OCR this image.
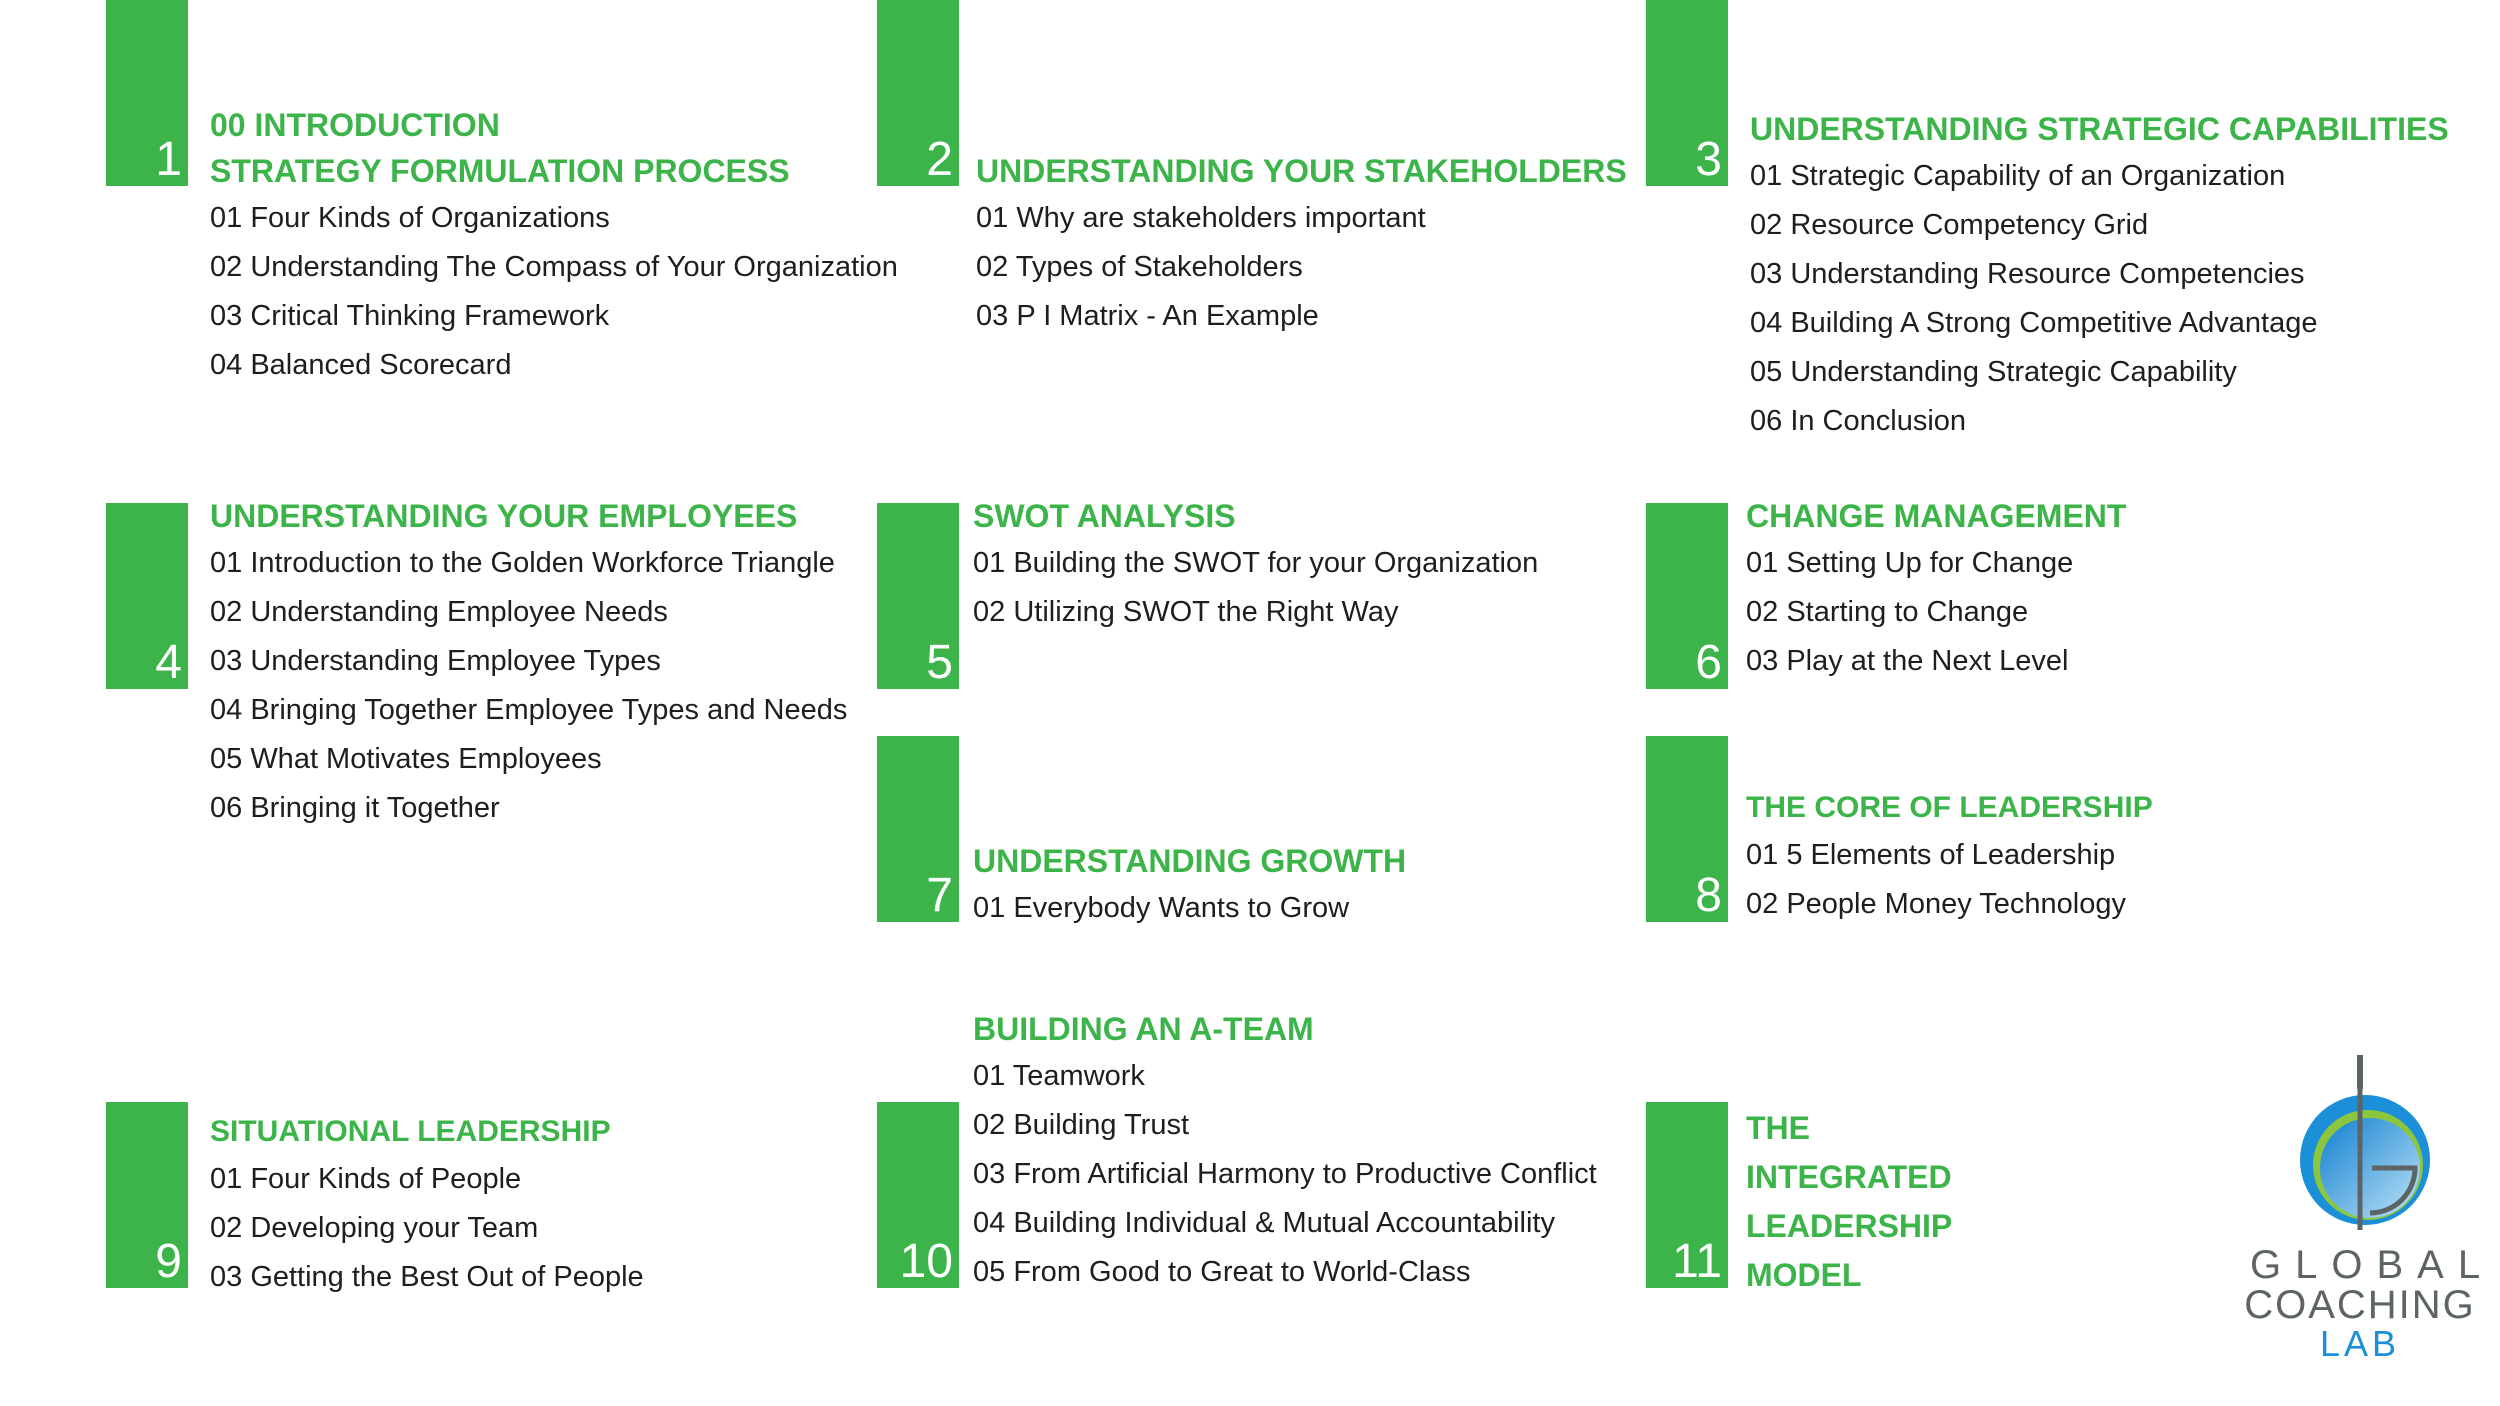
1

00 INTRODUCTION

STRATEGY FORMULATION PROCESS

01 Four Kinds of Organizations
02 Understanding The Compass of Your Organization
03 Critical Thinking Framework
04 Balanced Scorecard
2 UNDERSTANDING YOUR STAKEHOLDERS

01 Why are stakeholders important
02 Types of Stakeholders
03 P I Matrix - An Example
3

UNDERSTANDING STRATEGIC CAPABILITIES

01 Strategic Capability of an Organization
02 Resource Competency Grid
03 Understanding Resource Competencies
04 Building A Strong Competitive Advantage
05 Understanding Strategic Capability
06 In Conclusion
4

UNDERSTANDING YOUR EMPLOYEES

01 Introduction to the Golden Workforce Triangle
02 Understanding Employee Needs
03 Understanding Employee Types
04 Bringing Together Employee Types and Needs
05 What Motivates Employees
06 Bringing it Together
5

SWOT ANALYSIS

01 Building the SWOT for your Organization
02 Utilizing SWOT the Right Way
6

CHANGE MANAGEMENT

01 Setting Up for Change
02 Starting to Change
03 Play at the Next Level
7

UNDERSTANDING GROWTH

01 Everybody Wants to Grow	8

THE CORE OF LEADERSHIP

01 5 Elements of Leadership
02 People Money Technology
9

SITUATIONAL LEADERSHIP

01 Four Kinds of People
02 Developing your Team
03 Getting the Best Out of People	10

BUILDING AN A-TEAM

01 Teamwork
02 Building Trust
03 From Artificial Harmony to Productive Conflict
04 Building Individual & Mutual Accountability
05 From Good to Great to World-Class	11

THE

INTEGRATED

LEADERSHIP

MODEL	GLOBAL
COACHING
LAB
